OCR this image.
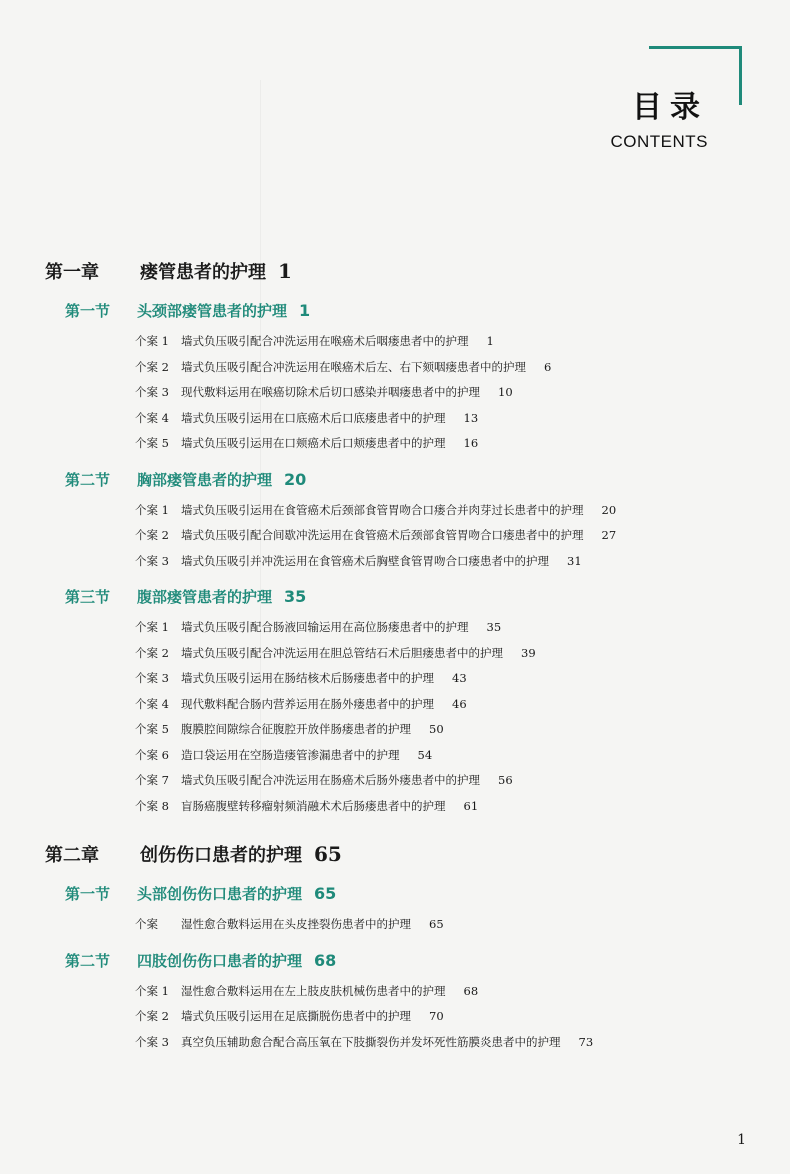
目录
CONTENTS
第一章	瘘管患者的护理 1
第一节	头颈部瘘管患者的护理 1
个案 1	墙式负压吸引配合冲洗运用在喉癌术后咽瘘患者中的护理 1
个案 2	墙式负压吸引配合冲洗运用在喉癌术后左、右下颏咽瘘患者中的护理 6
个案 3	现代敷料运用在喉癌切除术后切口感染并咽瘘患者中的护理 10
个案 4	墙式负压吸引运用在口底癌术后口底瘘患者中的护理 13
个案 5	墙式负压吸引运用在口颊癌术后口颊瘘患者中的护理 16
第二节	胸部瘘管患者的护理 20
个案 1	墙式负压吸引运用在食管癌术后颈部食管胃吻合口瘘合并肉芽过长患者中的护理 20
个案 2	墙式负压吸引配合间歇冲洗运用在食管癌术后颈部食管胃吻合口瘘患者中的护理 27
个案 3	墙式负压吸引并冲洗运用在食管癌术后胸壁食管胃吻合口瘘患者中的护理 31
第三节	腹部瘘管患者的护理 35
个案 1	墙式负压吸引配合肠液回输运用在高位肠瘘患者中的护理 35
个案 2	墙式负压吸引配合冲洗运用在胆总管结石术后胆瘘患者中的护理 39
个案 3	墙式负压吸引运用在肠结核术后肠瘘患者中的护理 43
个案 4	现代敷料配合肠内营养运用在肠外瘘患者中的护理 46
个案 5	腹膜腔间隙综合征腹腔开放伴肠瘘患者的护理 50
个案 6	造口袋运用在空肠造瘘管渗漏患者中的护理 54
个案 7	墙式负压吸引配合冲洗运用在肠癌术后肠外瘘患者中的护理 56
个案 8	盲肠癌腹壁转移瘤射频消融术术后肠瘘患者中的护理 61
第二章	创伤伤口患者的护理 65
第一节	头部创伤伤口患者的护理 65
个案	湿性愈合敷料运用在头皮挫裂伤患者中的护理 65
第二节	四肢创伤伤口患者的护理 68
个案 1	湿性愈合敷料运用在左上肢皮肤机械伤患者中的护理 68
个案 2	墙式负压吸引运用在足底撕脱伤患者中的护理 70
个案 3	真空负压辅助愈合配合高压氧在下肢撕裂伤并发坏死性筋膜炎患者中的护理 73
1
